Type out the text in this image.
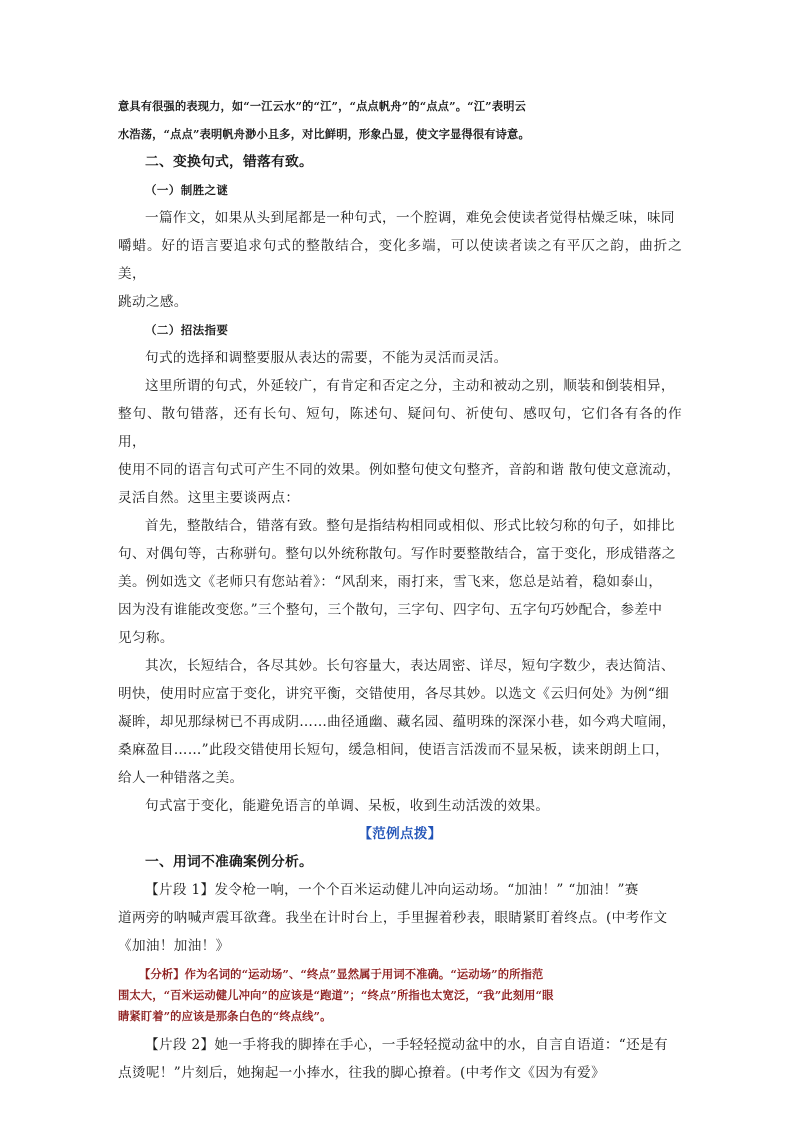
意具有很强的表现力，如“一江云水”的“江”，“点点帆舟”的“点点”。“江”表明云

水浩荡，“点点”表明帆舟渺小且多，对比鲜明，形象凸显，使文字显得很有诗意。

二、变换句式，错落有致。

（一）制胜之谜

一篇作文，如果从头到尾都是一种句式，一个腔调，难免会使读者觉得枯燥乏味，味同

嚼蜡。好的语言要追求句式的整散结合，变化多端，可以使读者读之有平仄之韵，曲折之美，

跳动之感。

（二）招法指要

句式的选择和调整要服从表达的需要，不能为灵活而灵活。

这里所谓的句式，外延较广，有肯定和否定之分，主动和被动之别，顺装和倒装相异，

整句、散句错落，还有长句、短句，陈述句、疑问句、祈使句、感叹句，它们各有各的作用，

使用不同的语言句式可产生不同的效果。例如整句使文句整齐，音韵和谐 散句使文意流动，

灵活自然。这里主要谈两点：

首先，整散结合，错落有致。整句是指结构相同或相似、形式比较匀称的句子，如排比

句、对偶句等，古称骈句。整句以外统称散句。写作时要整散结合，富于变化，形成错落之

美。例如选文《老师只有您站着》：“风刮来，雨打来，雪飞来，您总是站着，稳如泰山，

因为没有谁能改变您。”三个整句，三个散句，三字句、四字句、五字句巧妙配合，参差中

见匀称。

其次，长短结合，各尽其妙。长句容量大，表达周密、详尽，短句字数少，表达简洁、

明快，使用时应富于变化，讲究平衡，交错使用，各尽其妙。以选文《云归何处》为例“细

凝眸，却见那绿树已不再成阴……曲径通幽、藏名园、蕴明珠的深深小巷，如今鸡犬喧闹，

桑麻盈目……”此段交错使用长短句，缓急相间，使语言活泼而不显呆板，读来朗朗上口，

给人一种错落之美。

句式富于变化，能避免语言的单调、呆板，收到生动活泼的效果。

【范例点拨】

一、用词不准确案例分析。

【片段 1】发令枪一响，一个个百米运动健儿冲向运动场。“加油！” “加油！”赛

道两旁的呐喊声震耳欲聋。我坐在计时台上，手里握着秒表，眼睛紧盯着终点。(中考作文

《加油！加油！》

【分析】作为名词的“运动场”、“终点”显然属于用词不准确。“运动场”的所指范

围太大，“百米运动健儿冲向”的应该是“跑道”；“终点”所指也太宽泛，“我”此刻用“眼

睛紧盯着”的应该是那条白色的“终点线”。

【片段 2】她一手将我的脚捧在手心，一手轻轻搅动盆中的水，自言自语道：“还是有

点烫呢！”片刻后，她掬起一小捧水，往我的脚心撩着。(中考作文《因为有爱》
